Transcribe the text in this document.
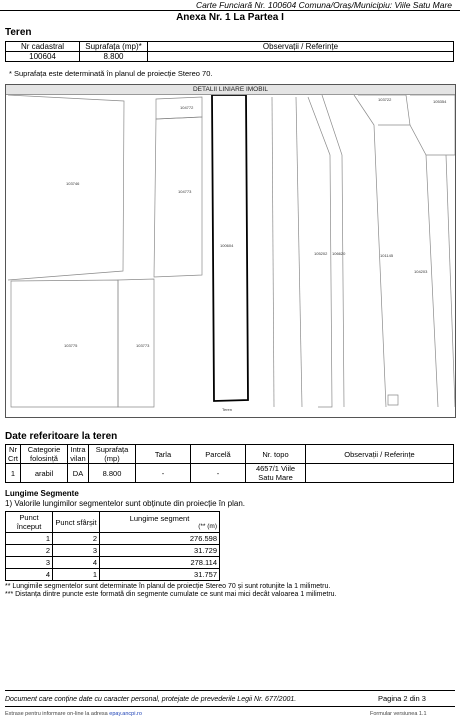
Carte Funciară Nr. 100604 Comuna/Oraș/Municipiu: Viile Satu Mare
Anexa Nr. 1 La Partea I
Teren
Nr cadastral	Suprafața (mp)*	Observații / Referințe
100604	8.800	
* Suprafața este determinată în planul de proiecție Stereo 70.
DETALII LINIARE IMOBIL
100604
104772
104773
103746
103775	103773
103722	105354
105202 106620	101145
104203
Teren
Date referitoare la teren
Nr Crt	Categorie folosință	Intra vilan	Suprafața (mp)	Tarla	Parcelă	Nr. topo	Observații / Referințe
1	arabil	DA	8.800	-	-	4657/1 Viile Satu Mare	
Lungime Segmente
1) Valorile lungimilor segmentelor sunt obținute din proiecție în plan.
Punct început	Punct sfârșit	Lungime segment
(** (m)

1	2	276.598
2	3	31.729
3	4	278.114
4	1	31.757
** Lungimile segmentelor sunt determinate în planul de proiecție Stereo 70 și sunt rotunjite la 1 milimetru.
*** Distanța dintre puncte este formată din segmente cumulate ce sunt mai mici decât valoarea 1 milimetru.
Document care conține date cu caracter personal, protejate de prevederile Legii Nr. 677/2001.	Pagina 2 din 3
Extrase pentru informare on-line la adresa epay.ancpi.ro	Formular versiunea 1.1
